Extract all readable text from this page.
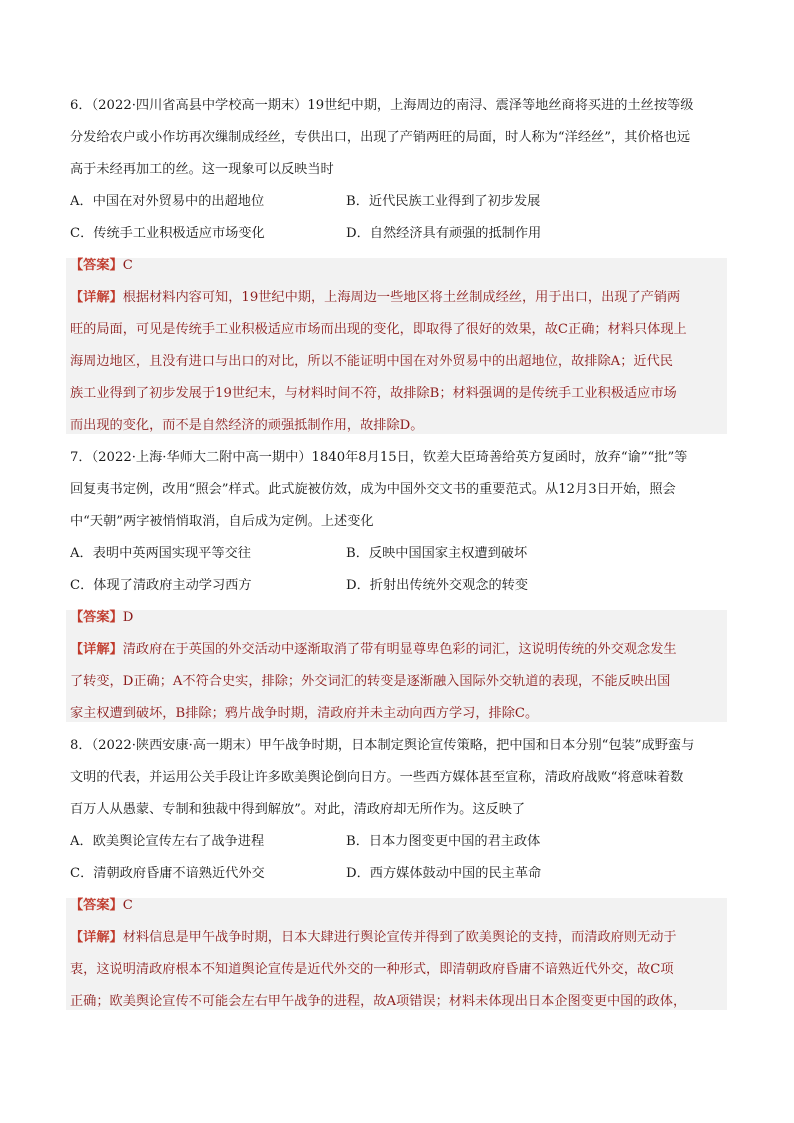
6．（2022·四川省高县中学校高一期末）19世纪中期，上海周边的南浔、震泽等地丝商将买进的土丝按等级
分发给农户或小作坊再次缫制成经丝，专供出口，出现了产销两旺的局面，时人称为“洋经丝”，其价格也远
高于未经再加工的丝。这一现象可以反映当时
A．中国在对外贸易中的出超地位	B．近代民族工业得到了初步发展
C．传统手工业积极适应市场变化	D．自然经济具有顽强的抵制作用
【答案】C
【详解】根据材料内容可知，19世纪中期，上海周边一些地区将土丝制成经丝，用于出口，出现了产销两
旺的局面，可见是传统手工业积极适应市场而出现的变化，即取得了很好的效果，故C正确；材料只体现上
海周边地区，且没有进口与出口的对比，所以不能证明中国在对外贸易中的出超地位，故排除A；近代民
族工业得到了初步发展于19世纪末，与材料时间不符，故排除B；材料强调的是传统手工业积极适应市场
而出现的变化，而不是自然经济的顽强抵制作用，故排除D。
7．（2022·上海·华师大二附中高一期中）1840年8月15日，钦差大臣琦善给英方复函时，放弃“谕”“批”等
回复夷书定例，改用“照会”样式。此式旋被仿效，成为中国外交文书的重要范式。从12月3日开始，照会
中“天朝”两字被悄悄取消，自后成为定例。上述变化
A．表明中英两国实现平等交往	B．反映中国国家主权遭到破坏
C．体现了清政府主动学习西方	D．折射出传统外交观念的转变
【答案】D
【详解】清政府在于英国的外交活动中逐渐取消了带有明显尊卑色彩的词汇，这说明传统的外交观念发生
了转变，D正确；A不符合史实，排除；外交词汇的转变是逐渐融入国际外交轨道的表现，不能反映出国
家主权遭到破坏，B排除；鸦片战争时期，清政府并未主动向西方学习，排除C。
8．（2022·陕西安康·高一期末）甲午战争时期，日本制定舆论宣传策略，把中国和日本分别“包装”成野蛮与
文明的代表，并运用公关手段让许多欧美舆论倒向日方。一些西方媒体甚至宣称，清政府战败“将意味着数
百万人从愚蒙、专制和独裁中得到解放”。对此，清政府却无所作为。这反映了
A．欧美舆论宣传左右了战争进程	B．日本力图变更中国的君主政体
C．清朝政府昏庸不谙熟近代外交	D．西方媒体鼓动中国的民主革命
【答案】C
【详解】材料信息是甲午战争时期，日本大肆进行舆论宣传并得到了欧美舆论的支持，而清政府则无动于
衷，这说明清政府根本不知道舆论宣传是近代外交的一种形式，即清朝政府昏庸不谙熟近代外交，故C项
正确；欧美舆论宣传不可能会左右甲午战争的进程，故A项错误；材料未体现出日本企图变更中国的政体，
